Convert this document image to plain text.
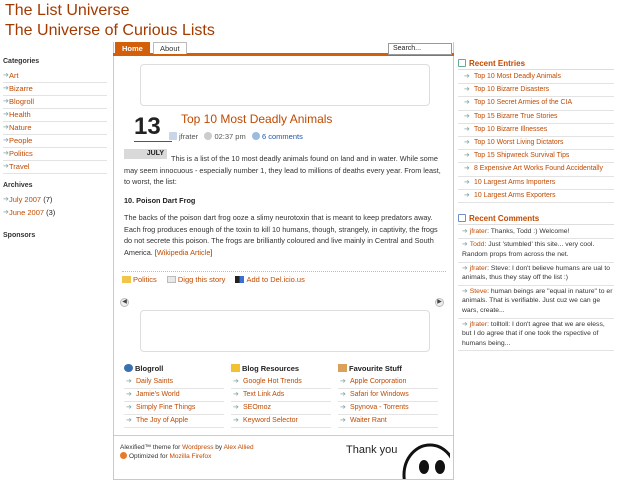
The List Universe
The Universe of Curious Lists
Categories
➔ Art
➔ Bizarre
➔ Blogroll
➔ Health
➔ Nature
➔ People
➔ Politics
➔ Travel
Archives
➔ July 2007 (7)
➔ June 2007 (3)
Sponsors
13
JULY
Top 10 Most Deadly Animals
jfrater 02:37 pm 6 comments

This is a list of the 10 most deadly animals found on land and in water. While some may seem innocuous - especially number 1, they lead to millions of deaths every year. From least, to worst, the list:

10. Poison Dart Frog

The backs of the poison dart frog ooze a slimy neurotoxin that is meant to keep predators away. Each frog produces enough of the toxin to kill 10 humans, though, strangely, in captivity, the frogs do not secrete this poison. The frogs are brilliantly coloured and live mainly in Central and South America. [Wikipedia Article]

Politics	Digg this story	Add to Del.icio.us
◀	▶
Blogroll
➔ Daily Saints
➔ Jamie's World
➔ Simply Fine Things
➔ The Joy of Apple
Blog Resources
➔ Google Hot Trends
➔ Text Link Ads
➔ SEOmoz
➔ Keyword Selector
Favourite Stuff
➔ Apple Corporation
➔ Safari for Windows
➔ Spynova - Torrents
➔ Waiter Rant
Alexified™ theme for Wordpress by Alex Allied
Optimized for Mozilla Firefox
Thank you
Home	About	Search...
Recent Entries
➔ Top 10 Most Deadly Animals
➔ Top 10 Bizarre Disasters
➔ Top 10 Secret Armies of the CIA
➔ Top 15 Bizarre True Stories
➔ Top 10 Bizarre Illnesses
➔ Top 10 Worst Living Dictators
➔ Top 15 Shipwreck Survival Tips
➔ 8 Expensive Art Works Found Accidentally
➔ 10 Largest Arms Importers
➔ 10 Largest Arms Exporters
Recent Comments
➔ jfrater: Thanks, Todd :) Welcome!
➔ Todd: Just 'stumbled' this site... very cool. Random props from across the net.
➔ jfrater: Steve: I don't believe humans are ual to animals, thus they stay off the list :)
➔ Steve: human beings are "equal in nature" to er animals. That is verifiable. Just cuz we can ge wars, create...
➔ jfrater: tolltoll: I don't agree that we are eless, but I do agree that if one took the rspective of humans being...
